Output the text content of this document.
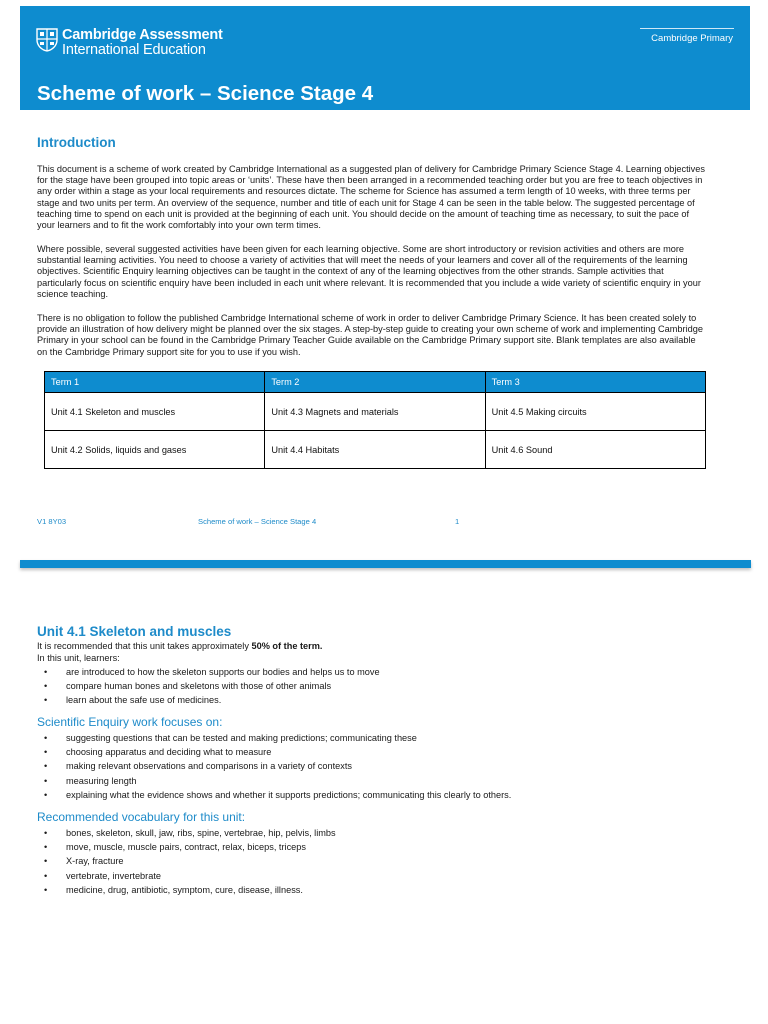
Cambridge Assessment
International Education
Cambridge Primary
Scheme of work – Science Stage 4
Introduction
This document is a scheme of work created by Cambridge International as a suggested plan of delivery for Cambridge Primary Science Stage 4. Learning objectives for the stage have been grouped into topic areas or ‘units’. These have then been arranged in a recommended teaching order but you are free to teach objectives in any order within a stage as your local requirements and resources dictate. The scheme for Science has assumed a term length of 10 weeks, with three terms per stage and two units per term. An overview of the sequence, number and title of each unit for Stage 4 can be seen in the table below. The suggested percentage of teaching time to spend on each unit is provided at the beginning of each unit. You should decide on the amount of teaching time as necessary, to suit the pace of your learners and to fit the work comfortably into your own term times.
Where possible, several suggested activities have been given for each learning objective. Some are short introductory or revision activities and others are more substantial learning activities. You need to choose a variety of activities that will meet the needs of your learners and cover all of the requirements of the learning objectives. Scientific Enquiry learning objectives can be taught in the context of any of the learning objectives from the other strands. Sample activities that particularly focus on scientific enquiry have been included in each unit where relevant. It is recommended that you include a wide variety of scientific enquiry in your science teaching.
There is no obligation to follow the published Cambridge International scheme of work in order to deliver Cambridge Primary Science. It has been created solely to provide an illustration of how delivery might be planned over the six stages. A step-by-step guide to creating your own scheme of work and implementing Cambridge Primary in your school can be found in the Cambridge Primary Teacher Guide available on the Cambridge Primary support site. Blank templates are also available on the Cambridge Primary support site for you to use if you wish.
Term 1	Term 2	Term 3
Unit 4.1 Skeleton and muscles	Unit 4.3 Magnets and materials	Unit 4.5 Making circuits
Unit 4.2 Solids, liquids and gases	Unit 4.4 Habitats	Unit 4.6 Sound
V1 8Y03	Scheme of work – Science Stage 4	1
Unit 4.1 Skeleton and muscles
It is recommended that this unit takes approximately 50% of the term.
In this unit, learners:
•	are introduced to how the skeleton supports our bodies and helps us to move
•	compare human bones and skeletons with those of other animals
•	learn about the safe use of medicines.
Scientific Enquiry work focuses on:
•	suggesting questions that can be tested and making predictions; communicating these
•	choosing apparatus and deciding what to measure
•	making relevant observations and comparisons in a variety of contexts
•	measuring length
•	explaining what the evidence shows and whether it supports predictions; communicating this clearly to others.
Recommended vocabulary for this unit:
•	bones, skeleton, skull, jaw, ribs, spine, vertebrae, hip, pelvis, limbs
•	move, muscle, muscle pairs, contract, relax, biceps, triceps
•	X-ray, fracture
•	vertebrate, invertebrate
•	medicine, drug, antibiotic, symptom, cure, disease, illness.
